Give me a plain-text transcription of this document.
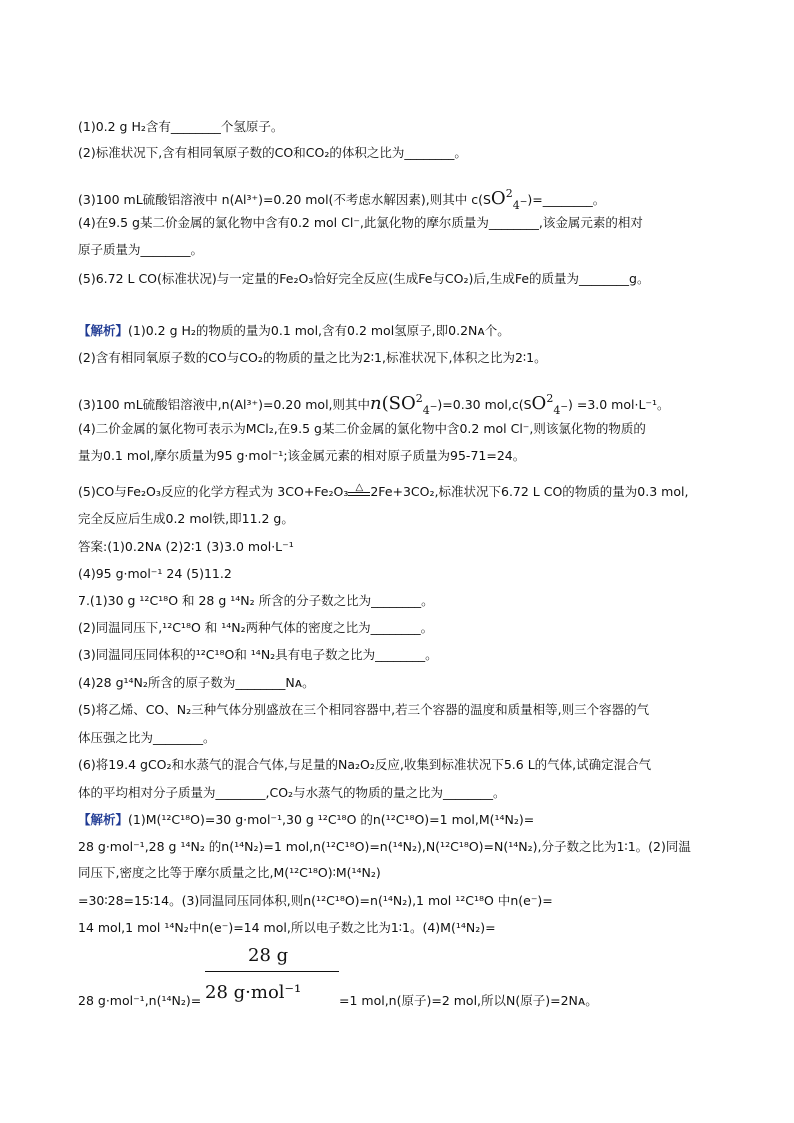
(1)0.2 g H₂含有________个氢原子。
(2)标准状况下,含有相同氧原子数的CO和CO₂的体积之比为________。
(3)100 mL硫酸铝溶液中 n(Al³⁺)=0.20 mol(不考虑水解因素),则其中 $c(SO^2_{4^-})=\_\_\_\_\_\_\_\_$。
(4)在9.5 g某二价金属的氯化物中含有0.2 mol Cl⁻,此氯化物的摩尔质量为________,该金属元素的相对
原子质量为________。
(5)6.72 L CO(标准状况)与一定量的Fe₂O₃恰好完全反应(生成Fe与CO₂)后,生成Fe的质量为________g。
【解析】(1)0.2 g H₂的物质的量为0.1 mol,含有0.2 mol氢原子,即0.2Nᴀ个。
(2)含有相同氧原子数的CO与CO₂的物质的量之比为2∶1,标准状况下,体积之比为2∶1。
(3)100 mL硫酸铝溶液中,n(Al³⁺)=0.20 mol,则其中$n(SO^2_{4^-})=0.30$ $mol,c(SO^2_{4^-}) =3.0$ mol·L⁻¹。
(4)二价金属的氯化物可表示为MCl₂,在9.5 g某二价金属的氯化物中含0.2 mol Cl⁻,则该氯化物的物质的
量为0.1 mol,摩尔质量为95 g·mol⁻¹;该金属元素的相对原子质量为95-71=24。
(5)CO与Fe₂O₃反应的化学方程式为 3CO+Fe₂O₃ △ 2Fe+3CO₂,标准状况下6.72 L CO的物质的量为0.3 mol,
完全反应后生成0.2 mol铁,即11.2 g。
答案:(1)0.2Nᴀ (2)2∶1 (3)3.0 mol·L⁻¹
(4)95 g·mol⁻¹ 24 (5)11.2
7.(1)30 g ¹²C¹⁸O 和 28 g ¹⁴N₂ 所含的分子数之比为________。
(2)同温同压下,¹²C¹⁸O 和 ¹⁴N₂两种气体的密度之比为________。
(3)同温同压同体积的¹²C¹⁸O和 ¹⁴N₂具有电子数之比为________。
(4)28 g¹⁴N₂所含的原子数为________Nᴀ。
(5)将乙烯、CO、N₂三种气体分别盛放在三个相同容器中,若三个容器的温度和质量相等,则三个容器的气
体压强之比为________。
(6)将19.4 gCO₂和水蒸气的混合气体,与足量的Na₂O₂反应,收集到标准状况下5.6 L的气体,试确定混合气
体的平均相对分子质量为________,CO₂与水蒸气的物质的量之比为________。
【解析】(1)M(¹²C¹⁸O)=30 g·mol⁻¹,30 g ¹²C¹⁸O 的n(¹²C¹⁸O)=1 mol,M(¹⁴N₂)=
28 g·mol⁻¹,28 g ¹⁴N₂ 的n(¹⁴N₂)=1 mol,n(¹²C¹⁸O)=n(¹⁴N₂),N(¹²C¹⁸O)=N(¹⁴N₂),分子数之比为1∶1。(2)同温
同压下,密度之比等于摩尔质量之比,M(¹²C¹⁸O)∶M(¹⁴N₂)
=30∶28=15∶14。(3)同温同压同体积,则n(¹²C¹⁸O)=n(¹⁴N₂),1 mol ¹²C¹⁸O 中n(e⁻)=
14 mol,1 mol ¹⁴N₂中n(e⁻)=14 mol,所以电子数之比为1∶1。(4)M(¹⁴N₂)=
28 g
28 g·mol⁻¹
28 g·mol⁻¹,n(¹⁴N₂)=	=1 mol,n(原子)=2 mol,所以N(原子)=2Nᴀ。
